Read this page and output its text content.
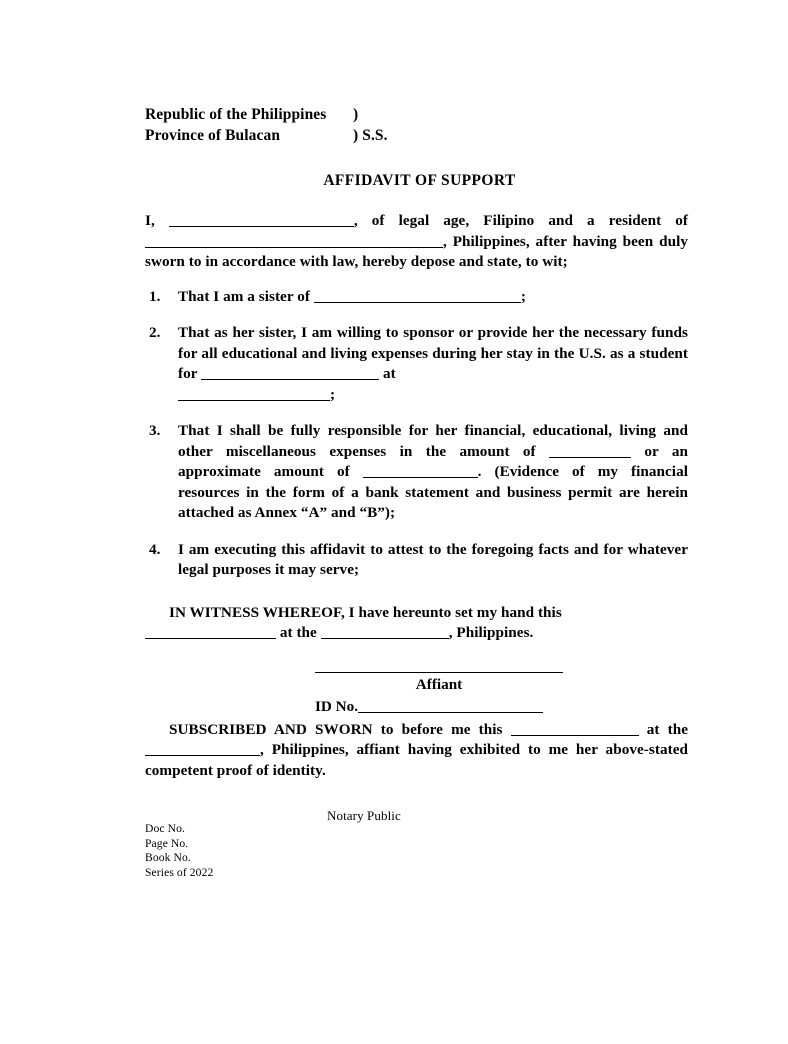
Republic of the Philippines )
Province of Bulacan	) S.S.
AFFIDAVIT OF SUPPORT
I,	, of legal age, Filipino and a resident of , Philippines, after having been duly sworn to in accordance with law, hereby depose and state, to wit;
That I am a sister of	;
That as her sister, I am willing to sponsor or provide her the necessary funds for all educational and living expenses during her stay in the U.S. as a student for	at
;
That I shall be fully responsible for her financial, educational, living and other miscellaneous expenses in the amount of	or an approximate amount of	. (Evidence of my financial resources in the form of a bank statement and business permit are herein attached as Annex “A” and “B”);
I am executing this affidavit to attest to the foregoing facts and for whatever legal purposes it may serve;
IN WITNESS WHEREOF, I have hereunto set my hand this
at the	, Philippines.
Affiant
ID No.
SUBSCRIBED AND SWORN to before me this	at the , Philippines, affiant having exhibited to me her above-stated competent proof of identity.
Notary Public
Doc No.
Page No.
Book No.
Series of 2022
